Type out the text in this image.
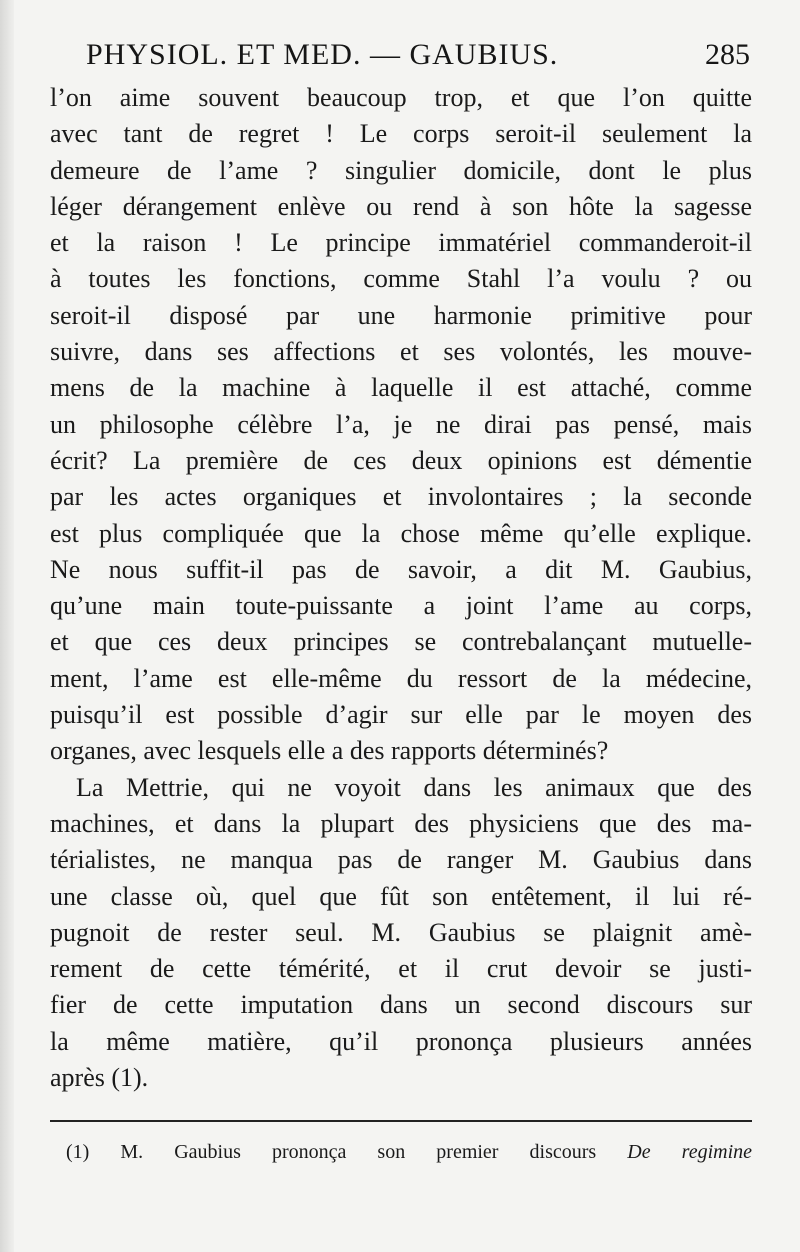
PHYSIOL. ET MED. — GAUBIUS.	285
l’on aime souvent beaucoup trop, et que l’on quitte
avec tant de regret ! Le corps seroit-il seulement la
demeure de l’ame ? singulier domicile, dont le plus
léger dérangement enlève ou rend à son hôte la sagesse
et la raison ! Le principe immatériel commanderoit-il
à toutes les fonctions, comme Stahl l’a voulu ? ou
seroit-il disposé par une harmonie primitive pour
suivre, dans ses affections et ses volontés, les mouve-
mens de la machine à laquelle il est attaché, comme
un philosophe célèbre l’a, je ne dirai pas pensé, mais
écrit? La première de ces deux opinions est démentie
par les actes organiques et involontaires ; la seconde
est plus compliquée que la chose même qu’elle explique.
Ne nous suffit-il pas de savoir, a dit M. Gaubius,
qu’une main toute-puissante a joint l’ame au corps,
et que ces deux principes se contrebalançant mutuelle-
ment, l’ame est elle-même du ressort de la médecine,
puisqu’il est possible d’agir sur elle par le moyen des
organes, avec lesquels elle a des rapports déterminés?
La Mettrie, qui ne voyoit dans les animaux que des
machines, et dans la plupart des physiciens que des ma-
térialistes, ne manqua pas de ranger M. Gaubius dans
une classe où, quel que fût son entêtement, il lui ré-
pugnoit de rester seul. M. Gaubius se plaignit amè-
rement de cette témérité, et il crut devoir se justi-
fier de cette imputation dans un second discours sur
la même matière, qu’il prononça plusieurs années
après (1).
(1) M. Gaubius prononça son premier discours De regimine
